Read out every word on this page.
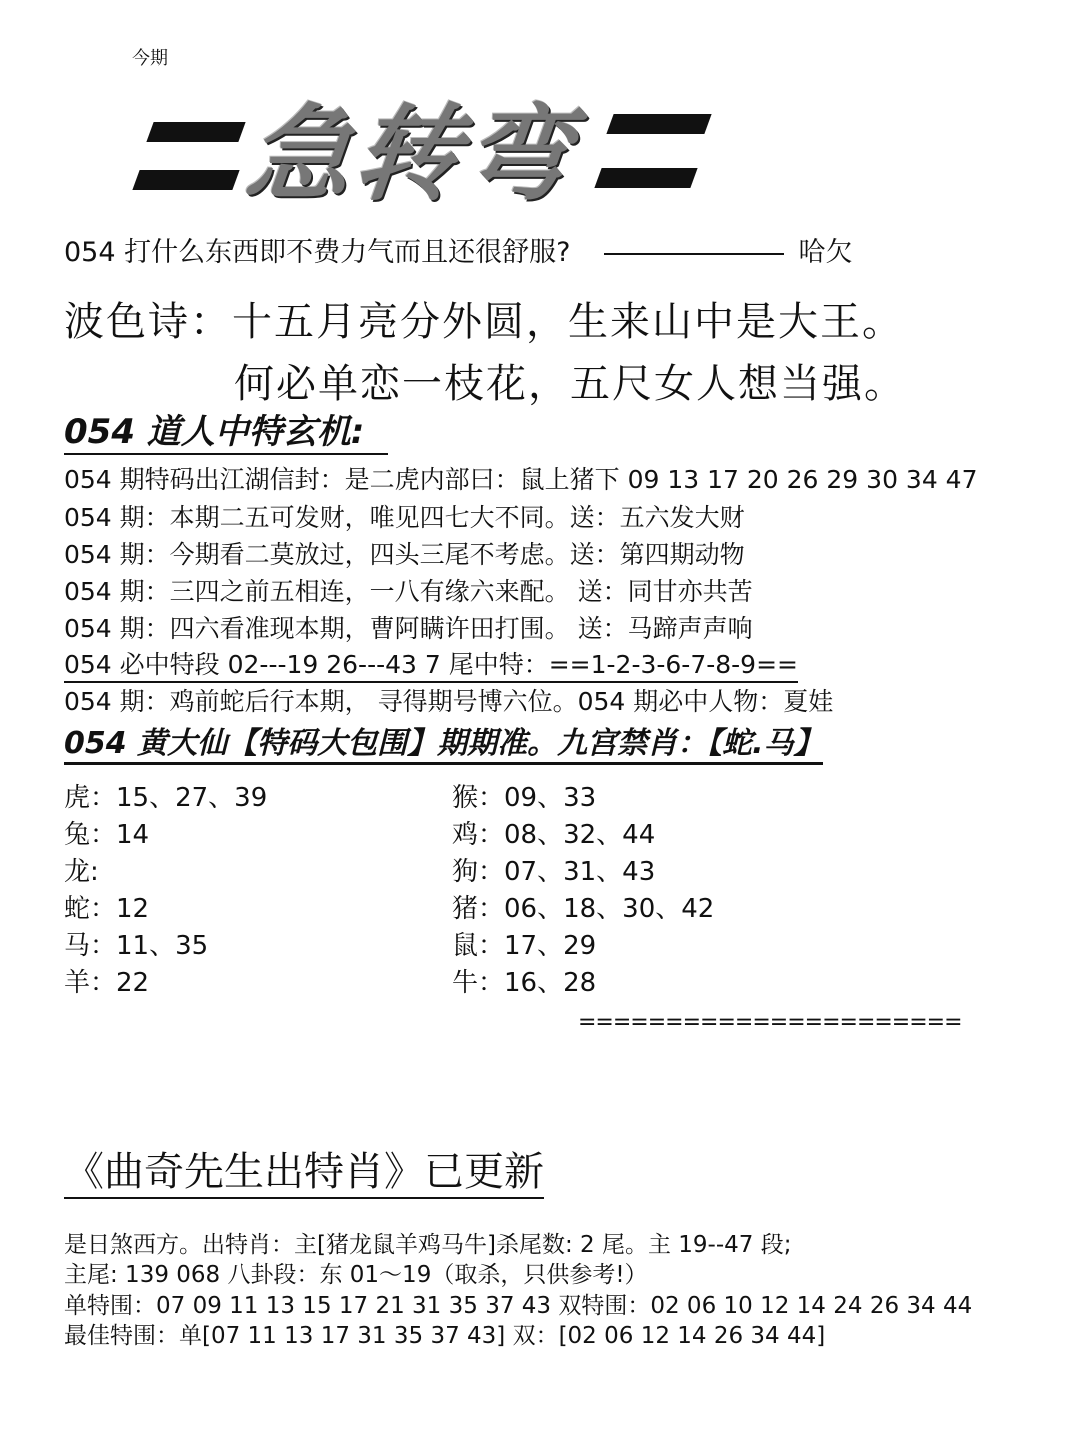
今期
急
转
弯
054 打什么东西即不费力气而且还很舒服?	哈欠
波色诗：十五月亮分外圆，生来山中是大王。
何必单恋一枝花，五尺女人想当强。
054 道人中特玄机:
054 期特码出江湖信封：是二虎内部曰：鼠上猪下 09 13 17 20 26 29 30 34 47
054 期：本期二五可发财，唯见四七大不同。送：五六发大财
054 期：今期看二莫放过，四头三尾不考虑。送：第四期动物
054 期：三四之前五相连，一八有缘六来配。 送：同甘亦共苦
054 期：四六看准现本期，曹阿瞒许田打围。 送：马蹄声声响
054 必中特段 02---19 26---43 7 尾中特：==1-2-3-6-7-8-9==
054 期：鸡前蛇后行本期， 寻得期号博六位。054 期必中人物：夏娃
054 黄大仙【特码大包围】期期准。九宫禁肖：【蛇.马】
虎：15、27、39
兔：14
龙:
蛇：12
马：11、35
羊：22
猴：09、33
鸡：08、32、44
狗：07、31、43
猪：06、18、30、42
鼠：17、29
牛：16、28
======================
《曲奇先生出特肖》已更新
是日煞西方。出特肖：主[猪龙鼠羊鸡马牛]杀尾数: 2 尾。主 19--47 段;
主尾: 139 068 八卦段：东 01～19（取杀，只供参考!）
单特围：07 09 11 13 15 17 21 31 35 37 43 双特围：02 06 10 12 14 24 26 34 44
最佳特围：单[07 11 13 17 31 35 37 43] 双：[02 06 12 14 26 34 44]
